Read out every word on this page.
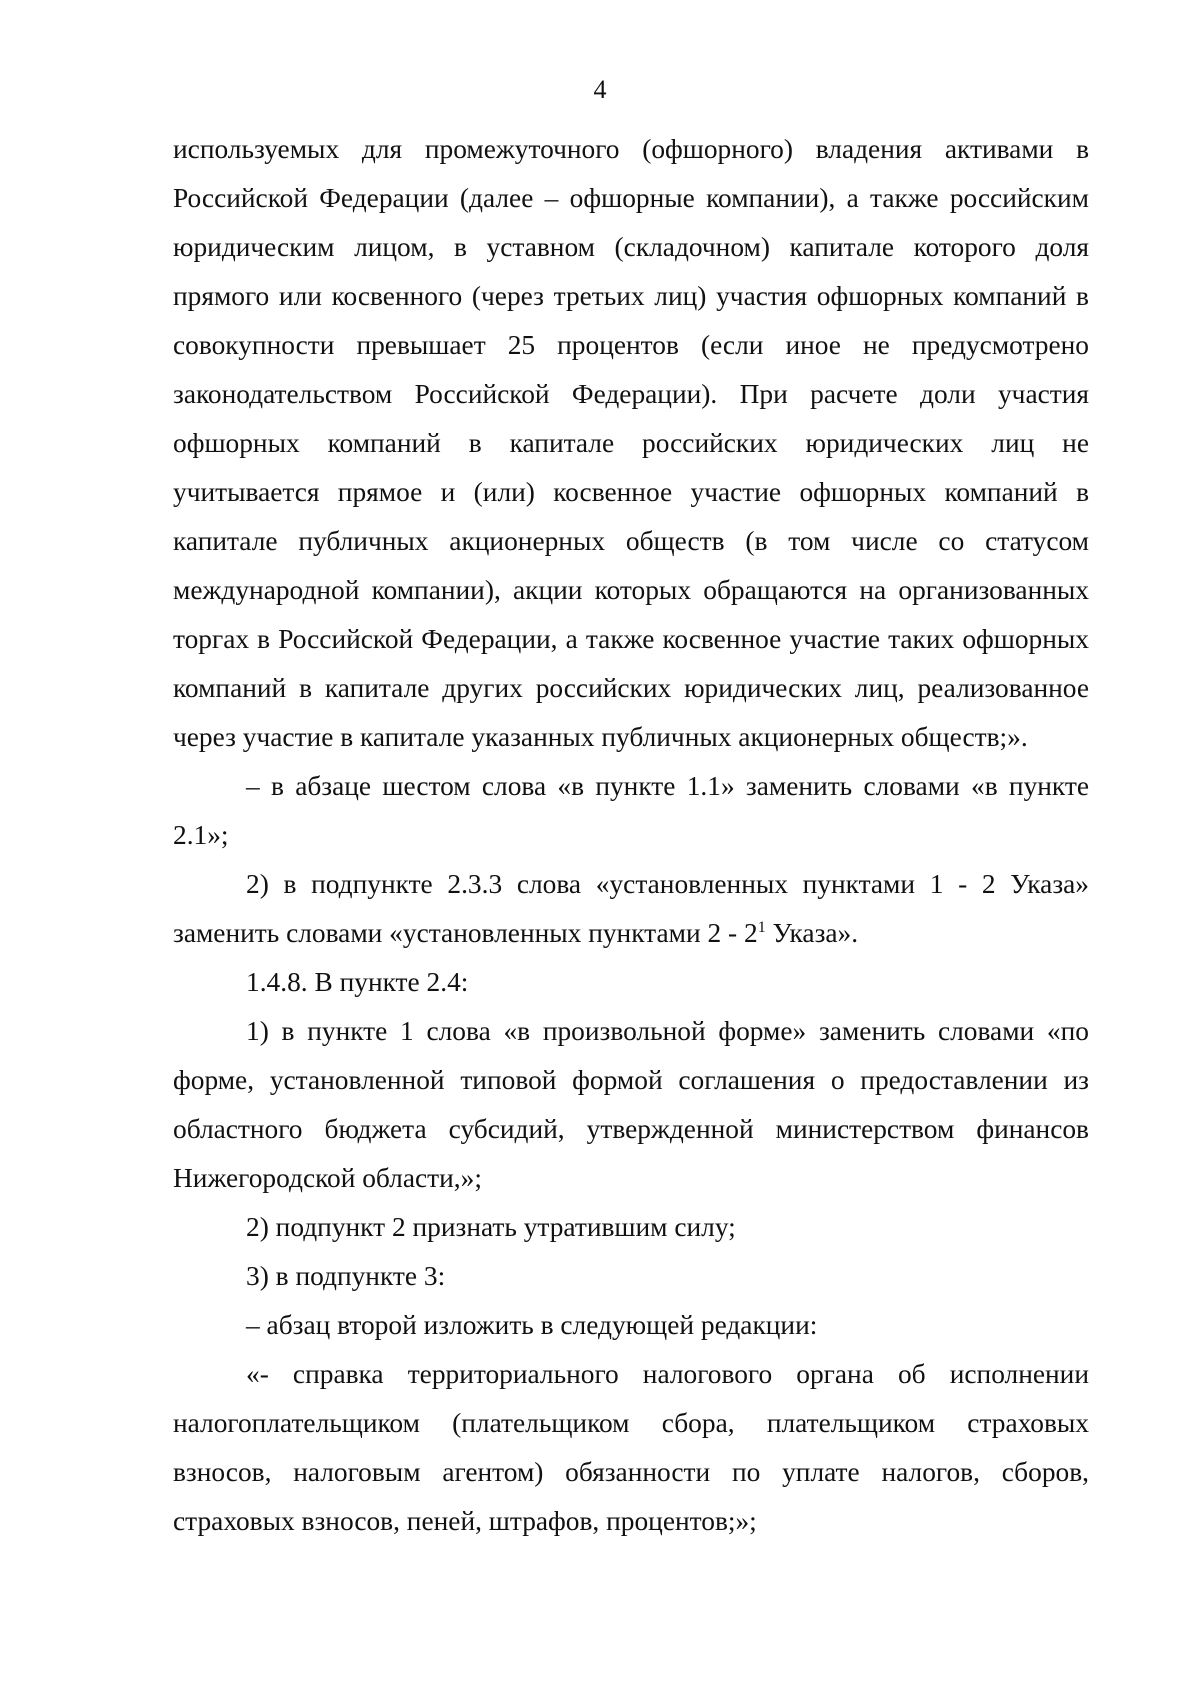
4

используемых для промежуточного (офшорного) владения активами в Российской Федерации (далее – офшорные компании), а также российским юридическим лицом, в уставном (складочном) капитале которого доля прямого или косвенного (через третьих лиц) участия офшорных компаний в совокупности превышает 25 процентов (если иное не предусмотрено законодательством Российской Федерации). При расчете доли участия офшорных компаний в капитале российских юридических лиц не учитывается прямое и (или) косвенное участие офшорных компаний в капитале публичных акционерных обществ (в том числе со статусом международной компании), акции которых обращаются на организованных торгах в Российской Федерации, а также косвенное участие таких офшорных компаний в капитале других российских юридических лиц, реализованное через участие в капитале указанных публичных акционерных обществ;».

– в абзаце шестом слова «в пункте 1.1» заменить словами «в пункте 2.1»;

2) в подпункте 2.3.3 слова «установленных пунктами 1 - 2 Указа» заменить словами «установленных пунктами $2 - 2^1$ Указа».

1.4.8. В пункте 2.4:

1) в пункте 1 слова «в произвольной форме» заменить словами «по форме, установленной типовой формой соглашения о предоставлении из областного бюджета субсидий, утвержденной министерством финансов Нижегородской области,»;

2) подпункт 2 признать утратившим силу;

3) в подпункте 3:

– абзац второй изложить в следующей редакции:

«- справка территориального налогового органа об исполнении налогоплательщиком (плательщиком сбора, плательщиком страховых взносов, налоговым агентом) обязанности по уплате налогов, сборов, страховых взносов, пеней, штрафов, процентов;»;
